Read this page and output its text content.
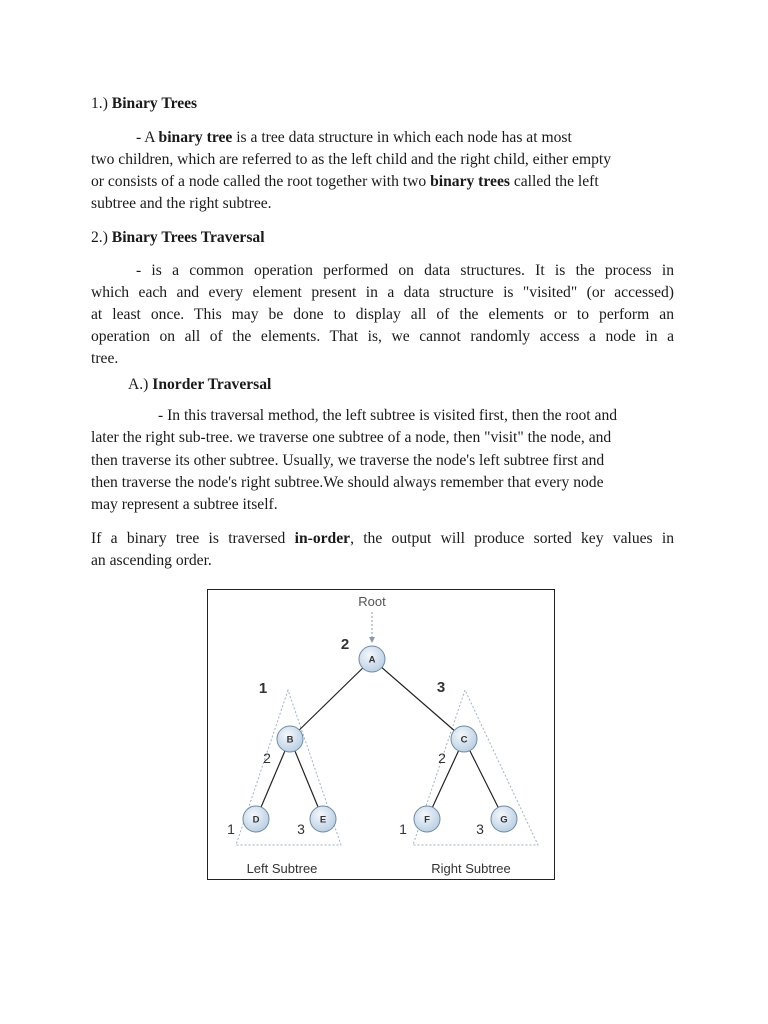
1.) Binary Trees
- A binary tree is a tree data structure in which each node has at most
two children, which are referred to as the left child and the right child, either empty
or consists of a node called the root together with two binary trees called the left
subtree and the right subtree.
2.) Binary Trees Traversal
- is a common operation performed on data structures. It is the process in
which each and every element present in a data structure is "visited" (or accessed)
at least once. This may be done to display all of the elements or to perform an
operation on all of the elements. That is, we cannot randomly access a node in a
tree.
A.) Inorder Traversal
- In this traversal method, the left subtree is visited first, then the root and
later the right sub-tree. we traverse one subtree of a node, then "visit" the node, and
then traverse its other subtree. Usually, we traverse the node's left subtree first and
then traverse the node's right subtree.We should always remember that every node
may represent a subtree itself.
If a binary tree is traversed in-order, the output will produce sorted key values in
an ascending order.
A
B	C
D	E	F	G
Root
2
1	3
2
1	3
2
1	3
Left Subtree	Right Subtree
